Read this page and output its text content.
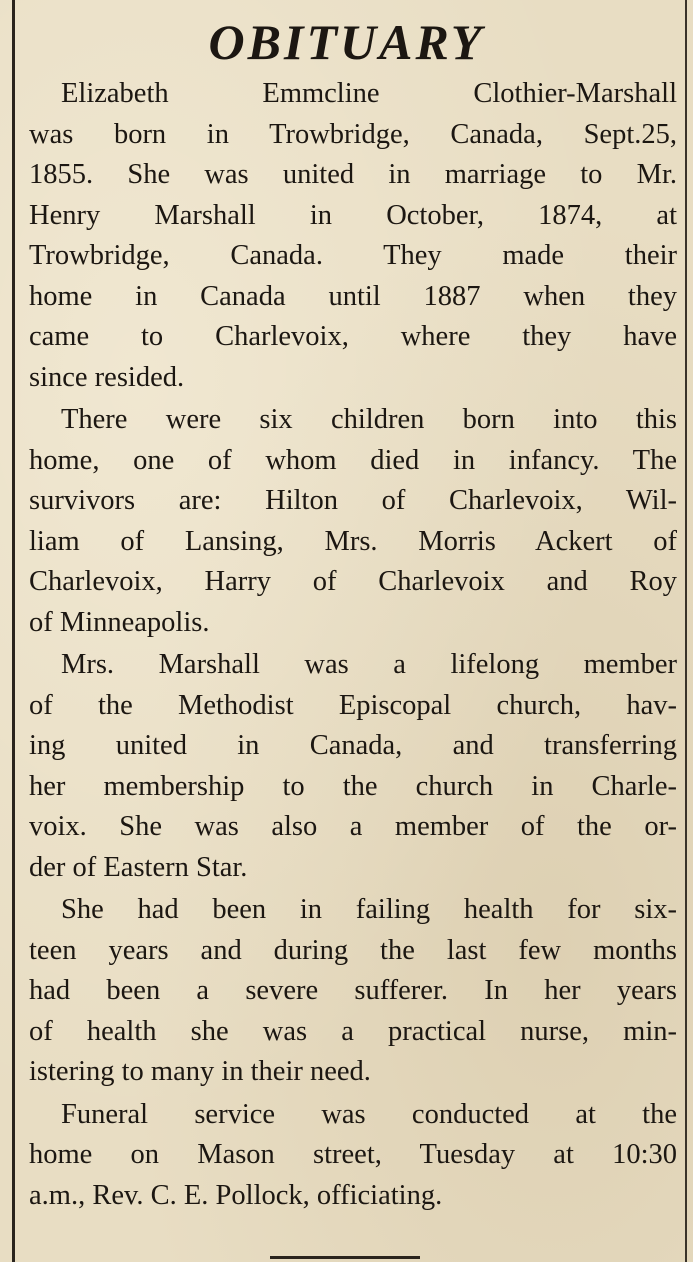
OBITUARY
Elizabeth Emmcline Clothier-Marshall
was born in Trowbridge, Canada, Sept.25,
1855. She was united in marriage to Mr.
Henry Marshall in October, 1874, at
Trowbridge, Canada. They made their
home in Canada until 1887 when they
came to Charlevoix, where they have
since resided.
There were six children born into this
home, one of whom died in infancy. The
survivors are: Hilton of Charlevoix, Wil-
liam of Lansing, Mrs. Morris Ackert of
Charlevoix, Harry of Charlevoix and Roy
of Minneapolis.
Mrs. Marshall was a lifelong member
of the Methodist Episcopal church, hav-
ing united in Canada, and transferring
her membership to the church in Charle-
voix. She was also a member of the or-
der of Eastern Star.
She had been in failing health for six-
teen years and during the last few months
had been a severe sufferer. In her years
of health she was a practical nurse, min-
istering to many in their need.
Funeral service was conducted at the
home on Mason street, Tuesday at 10:30
a.m., Rev. C. E. Pollock, officiating.
